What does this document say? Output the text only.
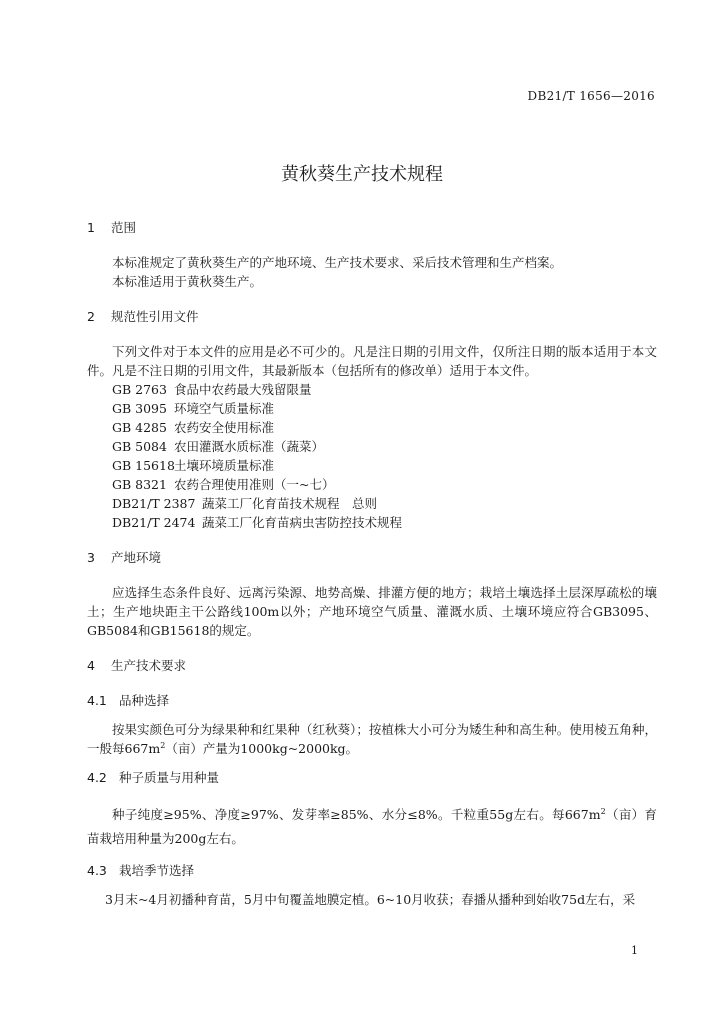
DB21/T 1656—2016
黄秋葵生产技术规程
1 范围

本标准规定了黄秋葵生产的产地环境、生产技术要求、采后技术管理和生产档案。

本标准适用于黄秋葵生产。

2 规范性引用文件

下列文件对于本文件的应用是必不可少的。凡是注日期的引用文件，仅所注日期的版本适用于本文件。凡是不注日期的引用文件，其最新版本（包括所有的修改单）适用于本文件。

GB 2763 食品中农药最大残留限量
GB 3095 环境空气质量标准
GB 4285 农药安全使用标准
GB 5084 农田灌溉水质标准（蔬菜）
GB 15618土壤环境质量标准
GB 8321 农药合理使用准则（一~七）
DB21/T 2387 蔬菜工厂化育苗技术规程　总则
DB21/T 2474 蔬菜工厂化育苗病虫害防控技术规程
3 产地环境

应选择生态条件良好、远离污染源、地势高燥、排灌方便的地方；栽培土壤选择土层深厚疏松的壤土；生产地块距主干公路线100m以外；产地环境空气质量、灌溉水质、土壤环境应符合GB3095、GB5084和GB15618的规定。

4 生产技术要求
4.1 品种选择

按果实颜色可分为绿果种和红果种（红秋葵）；按植株大小可分为矮生种和高生种。使用棱五角种，一般每$667m^2$（亩）产量为1000kg~2000kg。

4.2 种子质量与用种量

种子纯度≥95%、净度≥97%、发芽率≥85%、水分≤8%。千粒重55g左右。每$667m^2$（亩）育苗栽培用种量为200g左右。

4.3 栽培季节选择

3月末~4月初播种育苗，5月中旬覆盖地膜定植。6~10月收获；春播从播种到始收75d左右，采

1
